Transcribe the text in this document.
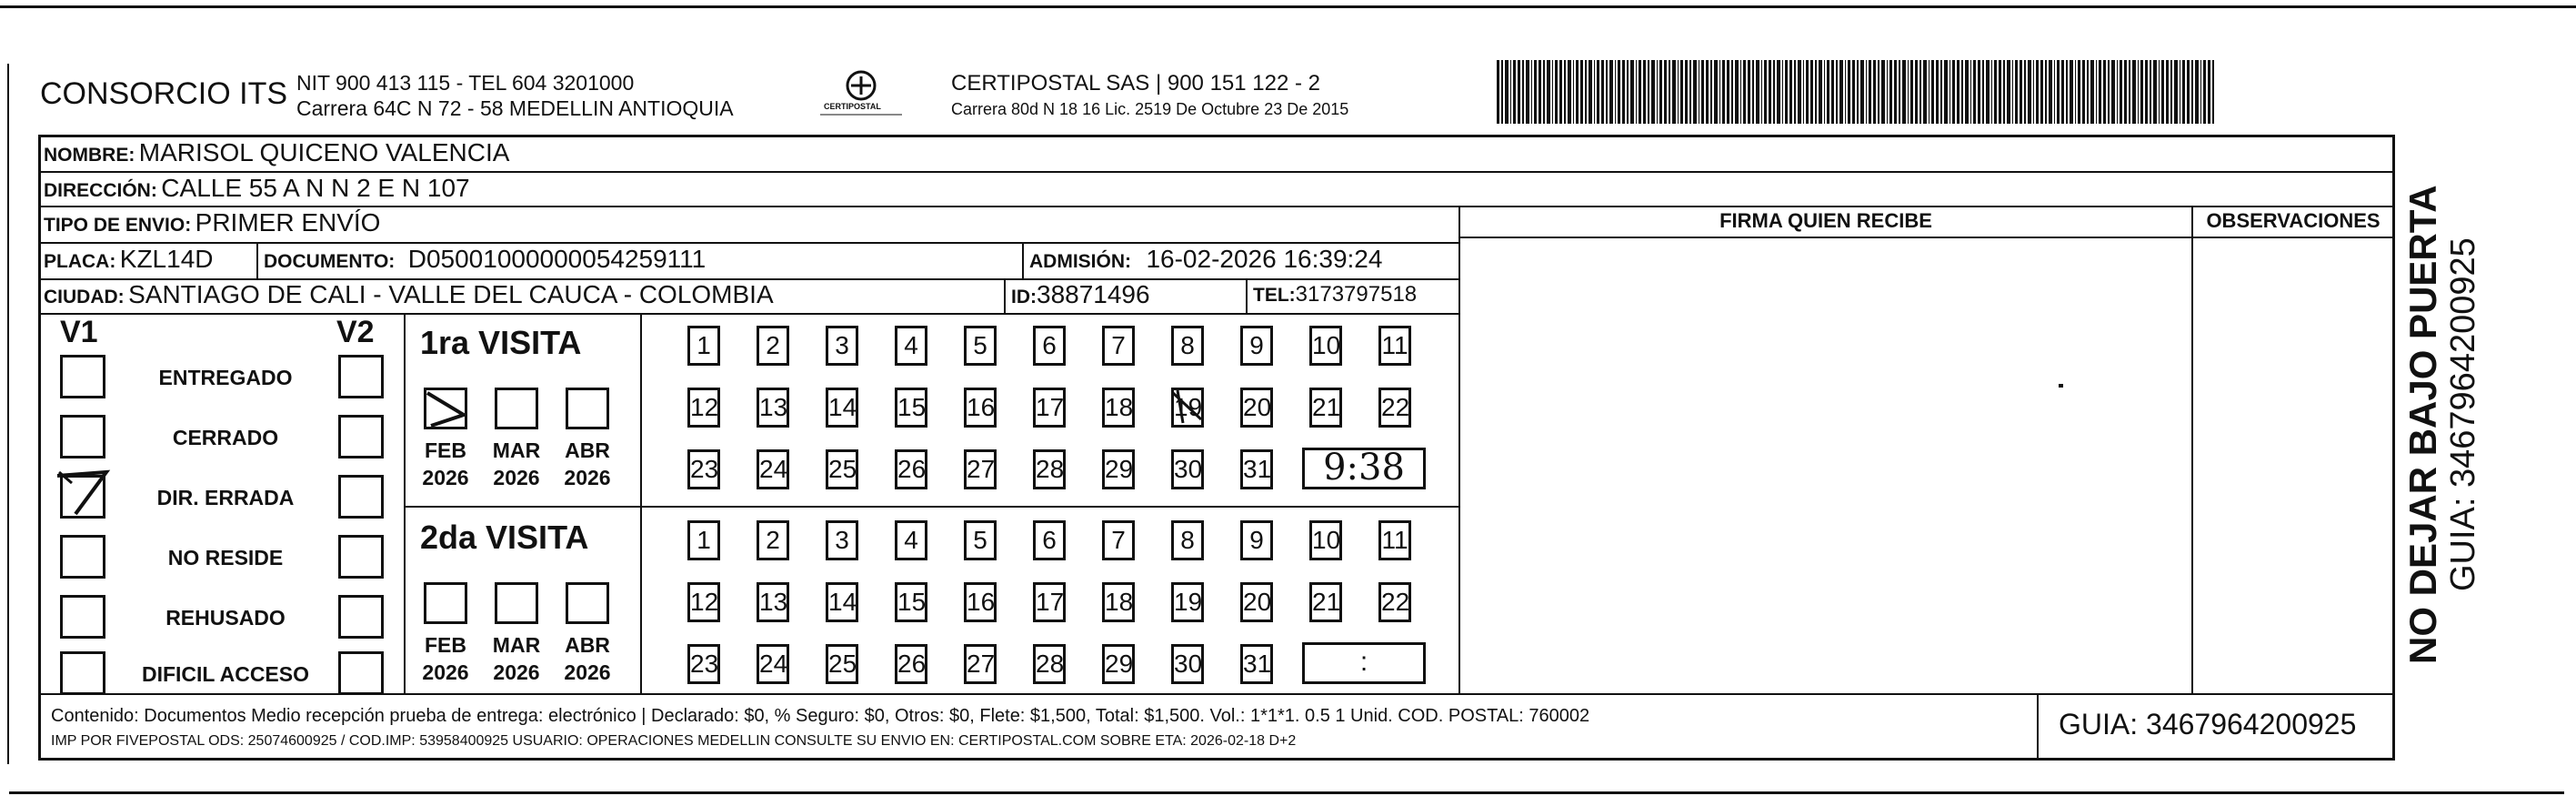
CONSORCIO ITS NIT 900 413 115 - TEL 604 3201000
Carrera 64C N 72 - 58 MEDELLIN ANTIOQUIA	CERTIPOSTAL
CERTIPOSTAL SAS | 900 151 122 - 2
Carrera 80d N 18 16 Lic. 2519 De Octubre 23 De 2015
NOMBRE: MARISOL QUICENO VALENCIA
DIRECCIÓN: CALLE 55 A N N 2 E N 107
TIPO DE ENVIO: PRIMER ENVÍO
PLACA: KZL14D	DOCUMENTO: D05001000000054259111	ADMISIÓN: 16-02-2026 16:39:24
CIUDAD: SANTIAGO DE CALI - VALLE DEL CAUCA - COLOMBIA	ID:38871496	TEL:3173797518
FIRMA QUIEN RECIBE	OBSERVACIONES
V1	V2
ENTREGADO
CERRADO
DIR. ERRADA
NO RESIDE
REHUSADO
DIFICIL ACCESO
1ra VISITA
FEB
2026
MAR
2026
ABR
2026
1	2	3	4	5	6	7	8	9	10 11
12 13 14 15 16 17 18 19 20 21 22
23 24 25 26 27 28 29 30 31	9:38
2da VISITA
FEB
2026
MAR
2026
ABR
2026
1	2	3	4	5	6	7	8	9	10 11
12 13 14 15 16 17 18 19 20 21 22
23 24 25 26 27 28 29 30 31	:
Contenido: Documentos Medio recepción prueba de entrega: electrónico | Declarado: $0, % Seguro: $0, Otros: $0, Flete: $1,500, Total: $1,500. Vol.: 1*1*1. 0.5 1 Unid. COD. POSTAL: 760002
IMP POR FIVEPOSTAL ODS: 25074600925 / COD.IMP: 53958400925 USUARIO: OPERACIONES MEDELLIN CONSULTE SU ENVIO EN: CERTIPOSTAL.COM SOBRE ETA: 2026-02-18 D+2
GUIA: 3467964200925
NO DEJAR BAJO PUERTA GUIA: 3467964200925
